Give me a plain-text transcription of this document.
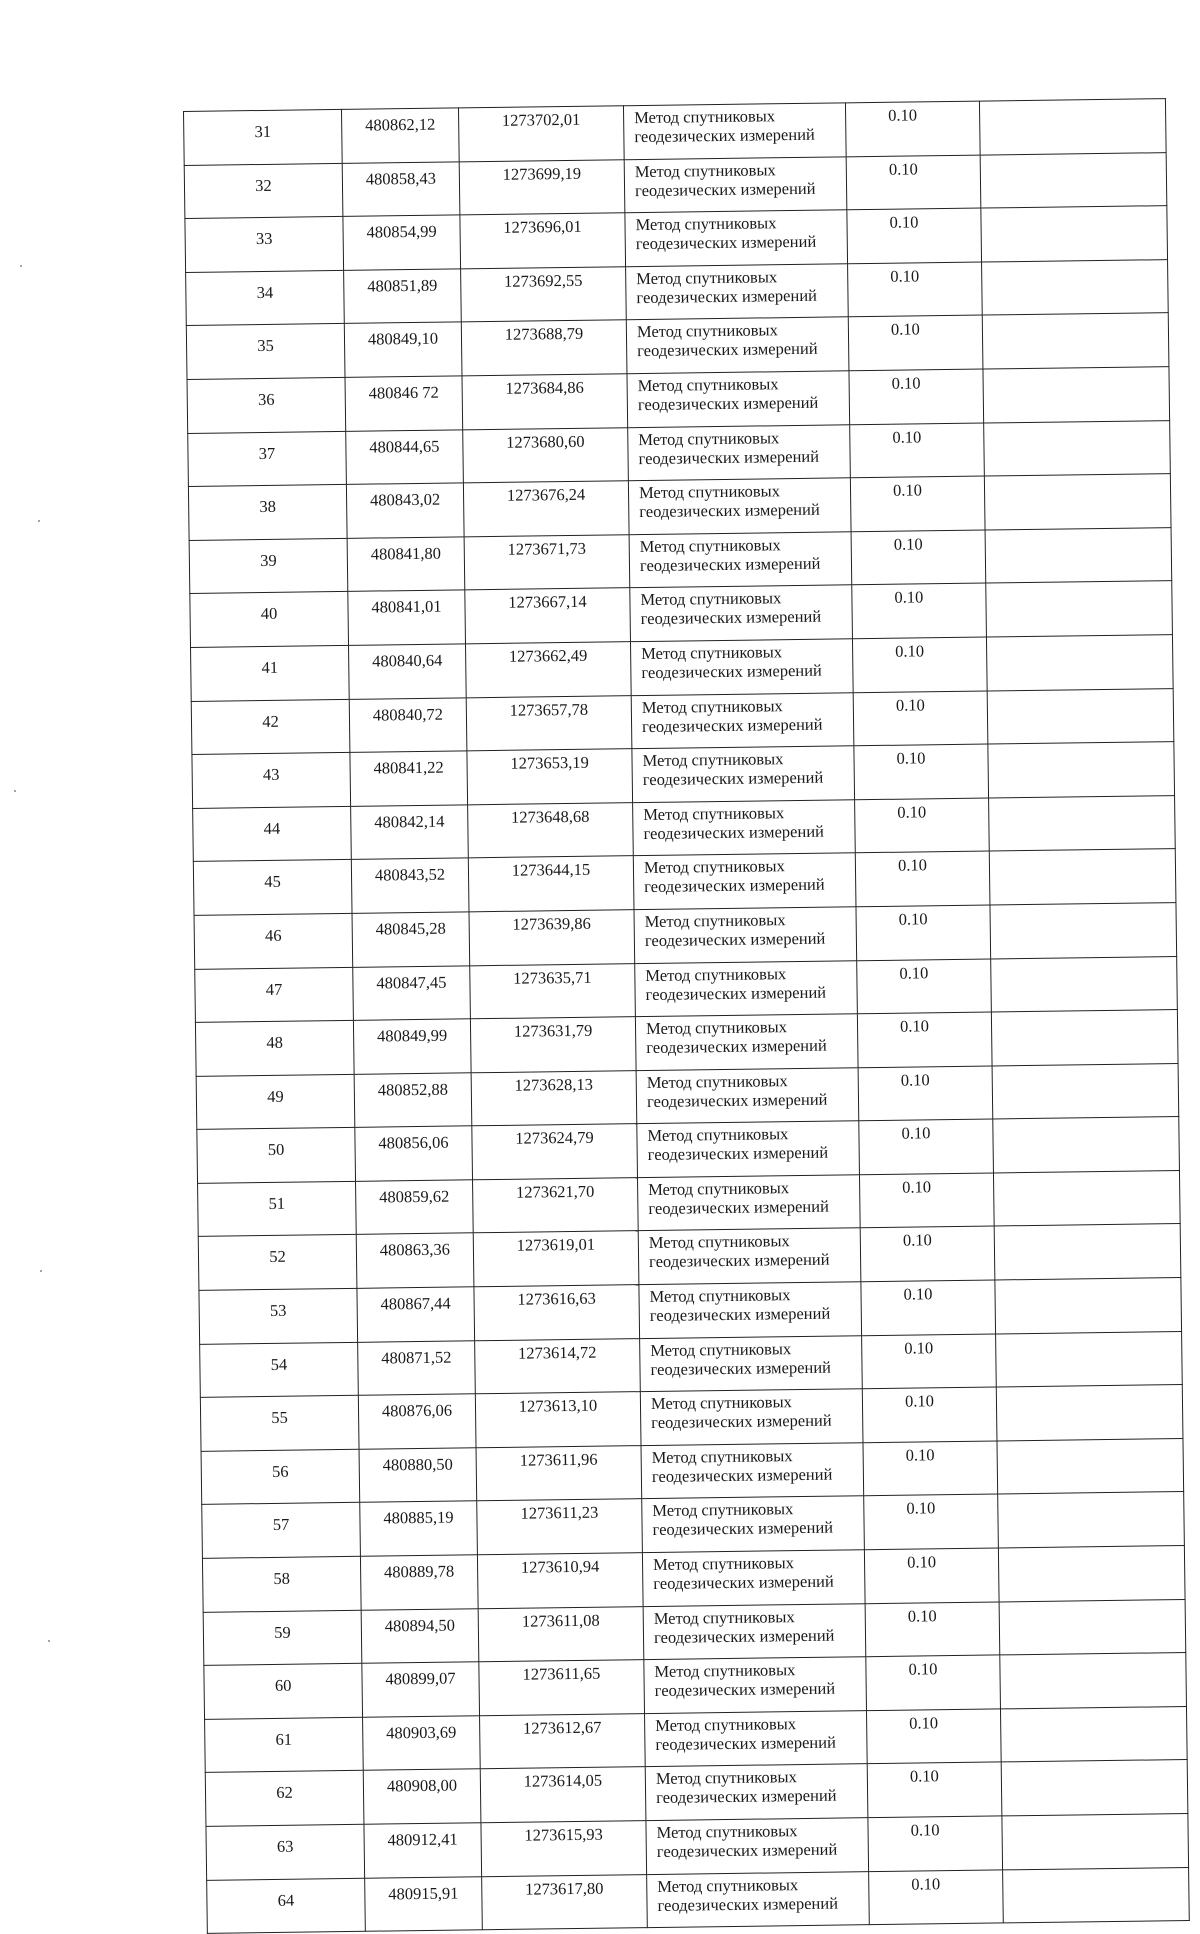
31	480862,12	1273702,01	Метод спутниковых
геодезических измерений	0.10	
32	480858,43	1273699,19	Метод спутниковых
геодезических измерений	0.10	
33	480854,99	1273696,01	Метод спутниковых
геодезических измерений	0.10	
34	480851,89	1273692,55	Метод спутниковых
геодезических измерений	0.10	
35	480849,10	1273688,79	Метод спутниковых
геодезических измерений	0.10	
36	480846 72	1273684,86	Метод спутниковых
геодезических измерений	0.10	
37	480844,65	1273680,60	Метод спутниковых
геодезических измерений	0.10	
38	480843,02	1273676,24	Метод спутниковых
геодезических измерений	0.10	
39	480841,80	1273671,73	Метод спутниковых
геодезических измерений	0.10	
40	480841,01	1273667,14	Метод спутниковых
геодезических измерений	0.10	
41	480840,64	1273662,49	Метод спутниковых
геодезических измерений	0.10	
42	480840,72	1273657,78	Метод спутниковых
геодезических измерений	0.10	
43	480841,22	1273653,19	Метод спутниковых
геодезических измерений	0.10	
44	480842,14	1273648,68	Метод спутниковых
геодезических измерений	0.10	
45	480843,52	1273644,15	Метод спутниковых
геодезических измерений	0.10	
46	480845,28	1273639,86	Метод спутниковых
геодезических измерений	0.10	
47	480847,45	1273635,71	Метод спутниковых
геодезических измерений	0.10	
48	480849,99	1273631,79	Метод спутниковых
геодезических измерений	0.10	
49	480852,88	1273628,13	Метод спутниковых
геодезических измерений	0.10	
50	480856,06	1273624,79	Метод спутниковых
геодезических измерений	0.10	
51	480859,62	1273621,70	Метод спутниковых
геодезических измерений	0.10	
52	480863,36	1273619,01	Метод спутниковых
геодезических измерений	0.10	
53	480867,44	1273616,63	Метод спутниковых
геодезических измерений	0.10	
54	480871,52	1273614,72	Метод спутниковых
геодезических измерений	0.10	
55	480876,06	1273613,10	Метод спутниковых
геодезических измерений	0.10	
56	480880,50	1273611,96	Метод спутниковых
геодезических измерений	0.10	
57	480885,19	1273611,23	Метод спутниковых
геодезических измерений	0.10	
58	480889,78	1273610,94	Метод спутниковых
геодезических измерений	0.10	
59	480894,50	1273611,08	Метод спутниковых
геодезических измерений	0.10	
60	480899,07	1273611,65	Метод спутниковых
геодезических измерений	0.10	
61	480903,69	1273612,67	Метод спутниковых
геодезических измерений	0.10	
62	480908,00	1273614,05	Метод спутниковых
геодезических измерений	0.10	
63	480912,41	1273615,93	Метод спутниковых
геодезических измерений	0.10	
64	480915,91	1273617,80	Метод спутниковых
геодезических измерений	0.10	
